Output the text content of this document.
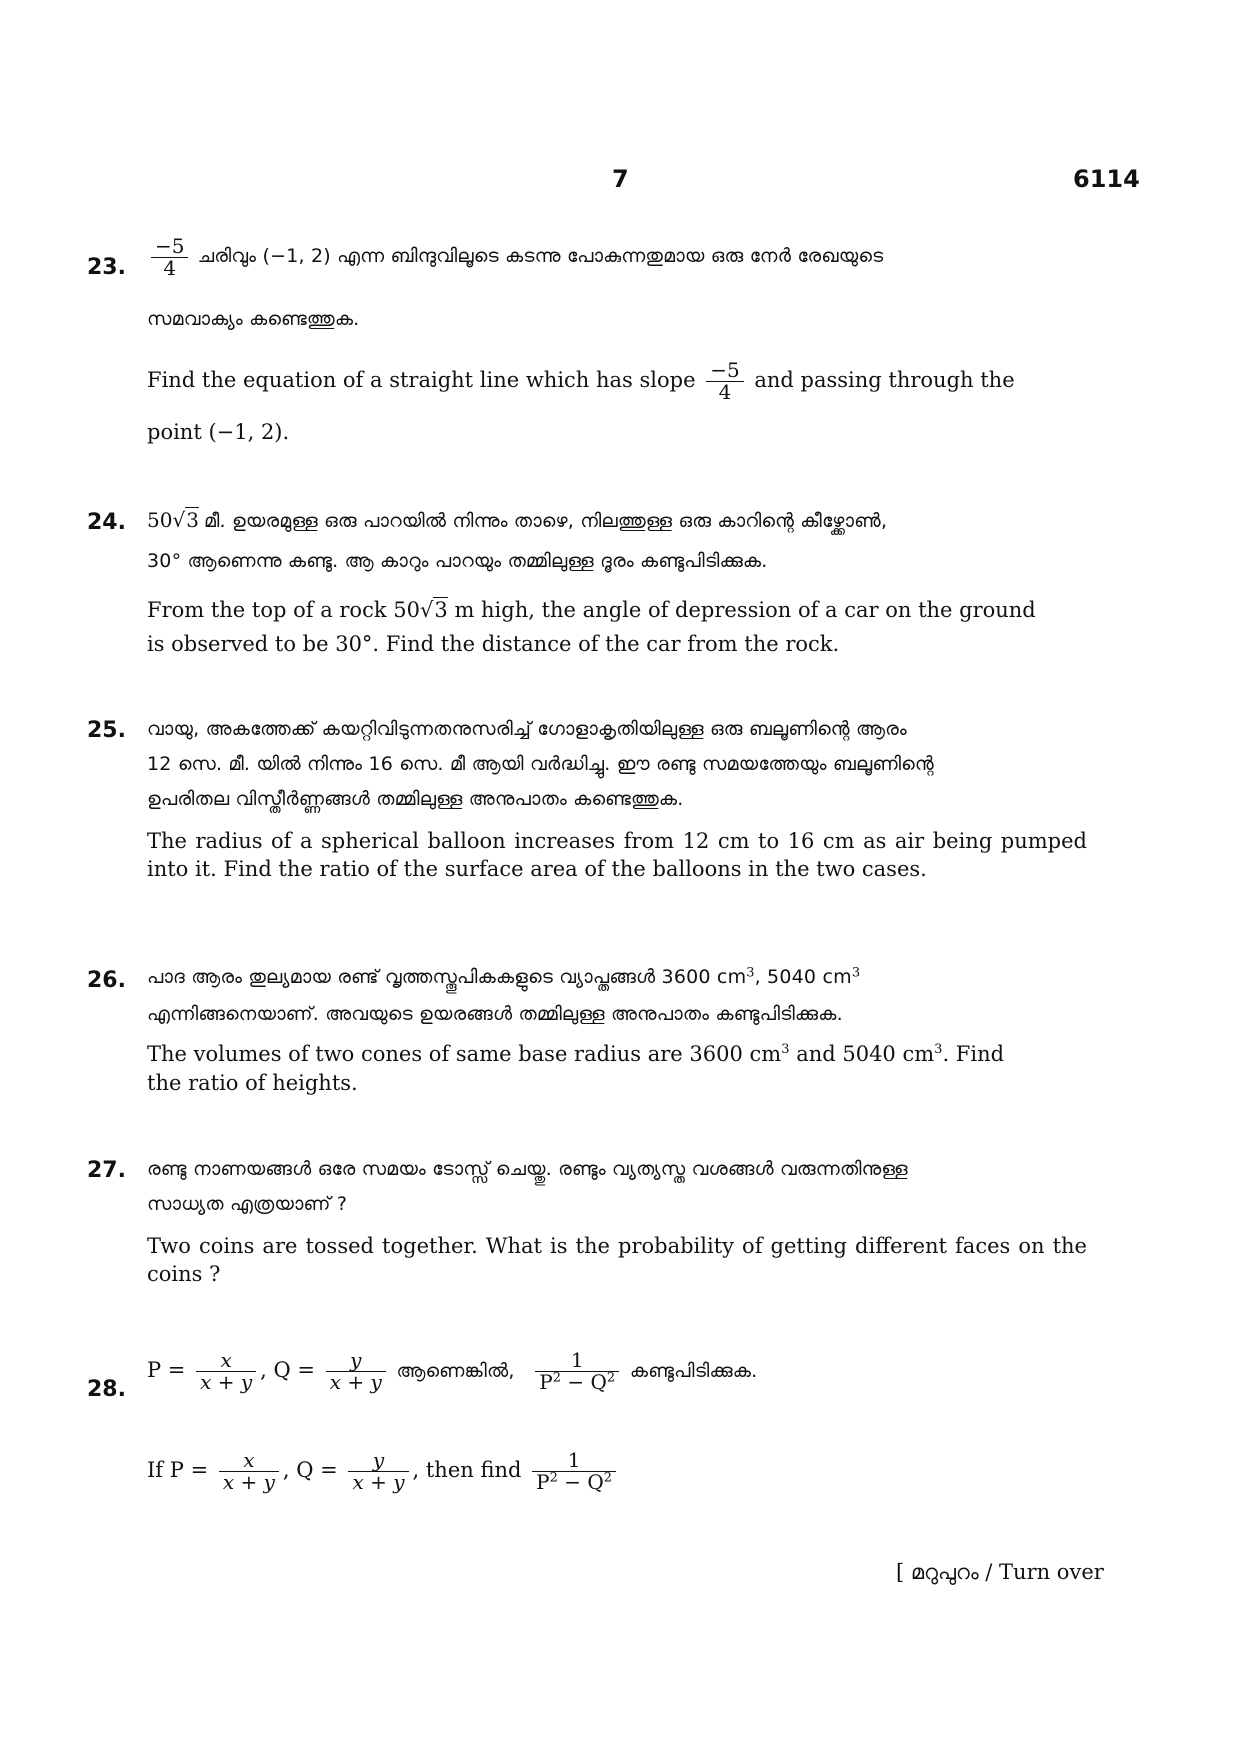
7	6114
23. $\frac{-5}{4}$ ചരിവും (−1, 2) എന്ന ബിന്ദുവിലൂടെ കടന്നു പോകുന്നതുമായ ഒരു നേർ രേഖയുടെ
സമവാക്യം കണ്ടെത്തുക.
Find the equation of a straight line which has slope $\frac{-5}{4}$ and passing through the
point (−1, 2).
24. 50√3 മീ. ഉയരമുള്ള ഒരു പാറയിൽ നിന്നും താഴെ, നിലത്തുള്ള ഒരു കാറിന്റെ കീഴ്ക്കോൺ,
30° ആണെന്നു കണ്ടു. ആ കാറും പാറയും തമ്മിലുള്ള ദൂരം കണ്ടുപിടിക്കുക.
From the top of a rock 50√3 m high, the angle of depression of a car on the ground
is observed to be 30°. Find the distance of the car from the rock.
25. വായു, അകത്തേക്ക് കയറ്റിവിടുന്നതനുസരിച്ച് ഗോളാകൃതിയിലുള്ള ഒരു ബലൂണിന്റെ ആരം
12 സെ. മീ. യിൽ നിന്നും 16 സെ. മീ ആയി വർദ്ധിച്ചു. ഈ രണ്ടു സമയത്തേയും ബലൂണിന്റെ
ഉപരിതല വിസ്തീർണ്ണങ്ങൾ തമ്മിലുള്ള അനുപാതം കണ്ടെത്തുക.
The radius of a spherical balloon increases from 12 cm to 16 cm as air being pumped into it. Find the ratio of the surface area of the balloons in the two cases.
26. പാദ ആരം തുല്യമായ രണ്ട് വൃത്തസ്തൂപികകളുടെ വ്യാപ്തങ്ങൾ 3600 $cm^3$, 5040 $cm^3$
എന്നിങ്ങനെയാണ്. അവയുടെ ഉയരങ്ങൾ തമ്മിലുള്ള അനുപാതം കണ്ടുപിടിക്കുക.
The volumes of two cones of same base radius are 3600 $cm^3$ and 5040 $cm^3$. Find
the ratio of heights.
27. രണ്ടു നാണയങ്ങൾ ഒരേ സമയം ടോസ്സ് ചെയ്തു. രണ്ടും വ്യത്യസ്ത വശങ്ങൾ വരുന്നതിനുള്ള
സാധ്യത എത്രയാണ് ?
Two coins are tossed together. What is the probability of getting different faces on the coins ?
28.
$P = \frac{x}{x + y}$ , $Q = \frac{y}{x + y}$ ആണെങ്കിൽ, $\frac{1}{P^2 - Q^2}$ കണ്ടുപിടിക്കുക.
If $P = \frac{x}{x + y}$ , $Q = \frac{y}{x + y}$ , then find $\frac{1}{P^2 - Q^2}$
[ മറുപുറം / Turn over
